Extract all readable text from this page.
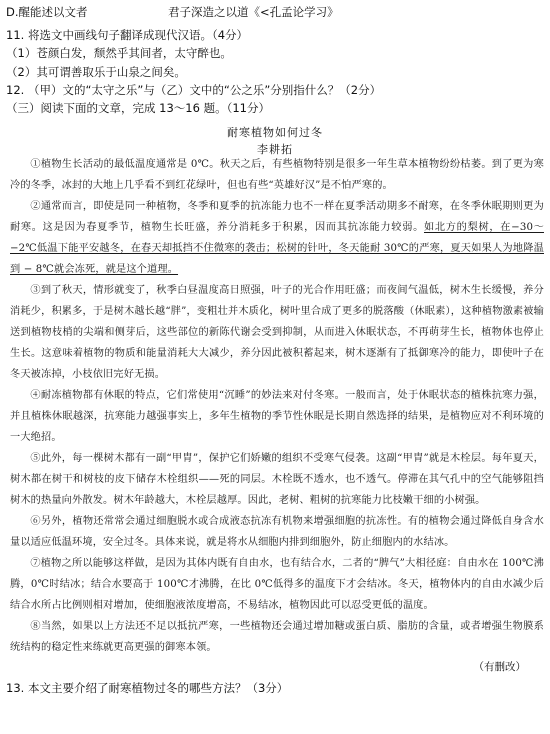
D.醒能述以文者	君子深造之以道《<孔孟论学习》
11. 将选文中画线句子翻译成现代汉语。（4分）
（1）苍颜白发，颓然乎其间者，太守醉也。
（2）其可谓善取乐于山泉之间矣。
12. （甲）文的“太守之乐”与（乙）文中的“公之乐”分别指什么？（2分）
（三）阅读下面的文章，完成 13～16 题。（11分）
耐寒植物如何过冬
李耕拓
①植物生长活动的最低温度通常是 0℃。秋天之后，有些植物特别是很多一年生草本植物纷纷枯萎。到了更为寒冷的冬季，冰封的大地上几乎看不到红花绿叶，但也有些“英雄好汉”是不怕严寒的。
②通常而言，即使是同一种植物，冬季和夏季的抗冻能力也不一样在夏季活动期多不耐寒，在冬季休眠期则更为耐寒。这是因为春夏季节，植物生长旺盛，养分消耗多于积累，因而其抗冻能力较弱。如北方的梨树，在−30～−2℃低温下能平安越冬，在春天却抵挡不住微寒的袭击；松树的针叶，冬天能耐 30℃的严寒，夏天如果人为地降温到 − 8℃就会冻死，就是这个道理。
③到了秋天，情形就变了，秋季白昼温度高日照强，叶子的光合作用旺盛；而夜间气温低，树木生长缓慢，养分消耗少，积累多，于是树木越长越“胖”，变粗壮并木质化，树叶里合成了更多的脱落酸（休眠素），这种植物激素被输送到植物枝梢的尖端和侧芽后，这些部位的新陈代谢会受到抑制，从而进入休眠状态，不再萌芽生长，植物体也停止生长。这意味着植物的物质和能量消耗大大减少，养分因此被积蓄起来，树木逐渐有了抵御寒冷的能力，即使叶子在冬天被冻掉，小枝依旧完好无损。
④耐冻植物都有休眠的特点，它们常使用“沉睡”的妙法来对付冬寒。一般而言，处于休眠状态的植株抗寒力强，并且植株休眠越深，抗寒能力越强事实上，多年生植物的季节性休眠是长期自然选择的结果，是植物应对不利环境的一大绝招。
⑤此外，每一棵树木都有一副“甲胄”，保护它们娇嫩的组织不受寒气侵袭。这副“甲胄”就是木栓层。每年夏天，树木都在树干和树枝的皮下储存木栓组织——死的同层。木栓既不透水，也不透气。停滞在其气孔中的空气能够阻挡树木的热量向外散发。树木年龄越大，木栓层越厚。因此，老树、粗树的抗寒能力比枝嫩干细的小树强。
⑥另外，植物还常常会通过细胞脱水或合成液态抗冻有机物来增强细胞的抗冻性。有的植物会通过降低自身含水量以适应低温环境，安全过冬。具体来说，就是将水从细胞内排到细胞外，防止细胞内的水结冰。
⑦植物之所以能够这样做，是因为其体内既有自由水，也有结合水，二者的“脾气”大相径庭：自由水在 100℃沸腾，0℃时结冰；结合水要高于 100℃才沸腾，在比 0℃低得多的温度下才会结冰。冬天，植物体内的自由水减少后结合水所占比例则相对增加，使细胞液浓度增高，不易结冰，植物因此可以忍受更低的温度。
⑧当然，如果以上方法还不足以抵抗严寒，一些植物还会通过增加糖或蛋白质、脂肪的含量，或者增强生物膜系统结构的稳定性来练就更高更强的御寒本领。
13. 本文主要介绍了耐寒植物过冬的哪些方法？（3分）
（有删改）
